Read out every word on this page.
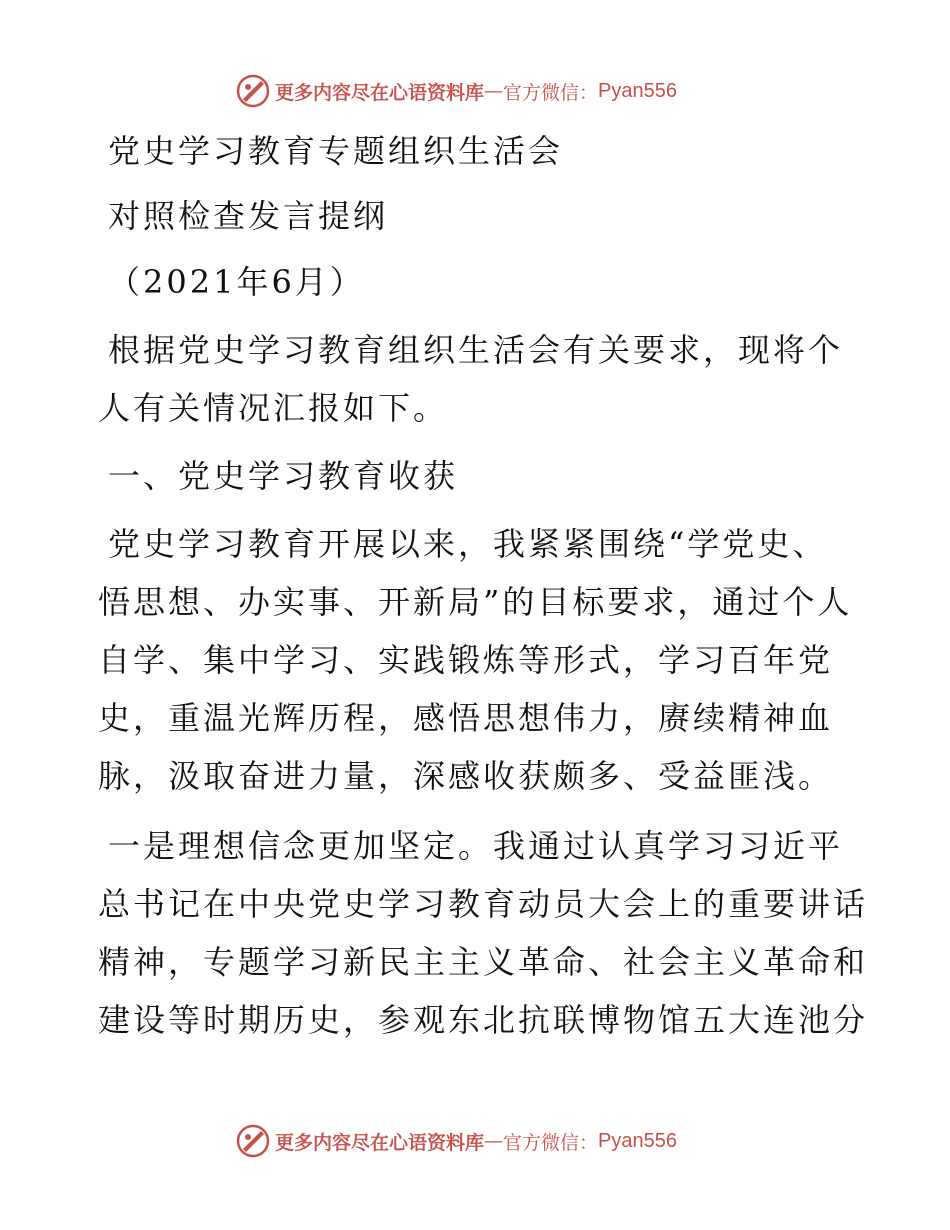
更多内容尽在心语资料库 — 官方微信： Pyan556
党史学习教育专题组织生活会
对照检查发言提纲
（2021年6月）
根据党史学习教育组织生活会有关要求，现将个
人有关情况汇报如下。
一、党史学习教育收获
党史学习教育开展以来，我紧紧围绕“学党史、
悟思想、办实事、开新局”的目标要求，通过个人
自学、集中学习、实践锻炼等形式，学习百年党
史，重温光辉历程，感悟思想伟力，赓续精神血
脉，汲取奋进力量，深感收获颇多、受益匪浅。
一是理想信念更加坚定。我通过认真学习习近平
总书记在中央党史学习教育动员大会上的重要讲话
精神，专题学习新民主主义革命、社会主义革命和
建设等时期历史，参观东北抗联博物馆五大连池分
更多内容尽在心语资料库 — 官方微信： Pyan556
